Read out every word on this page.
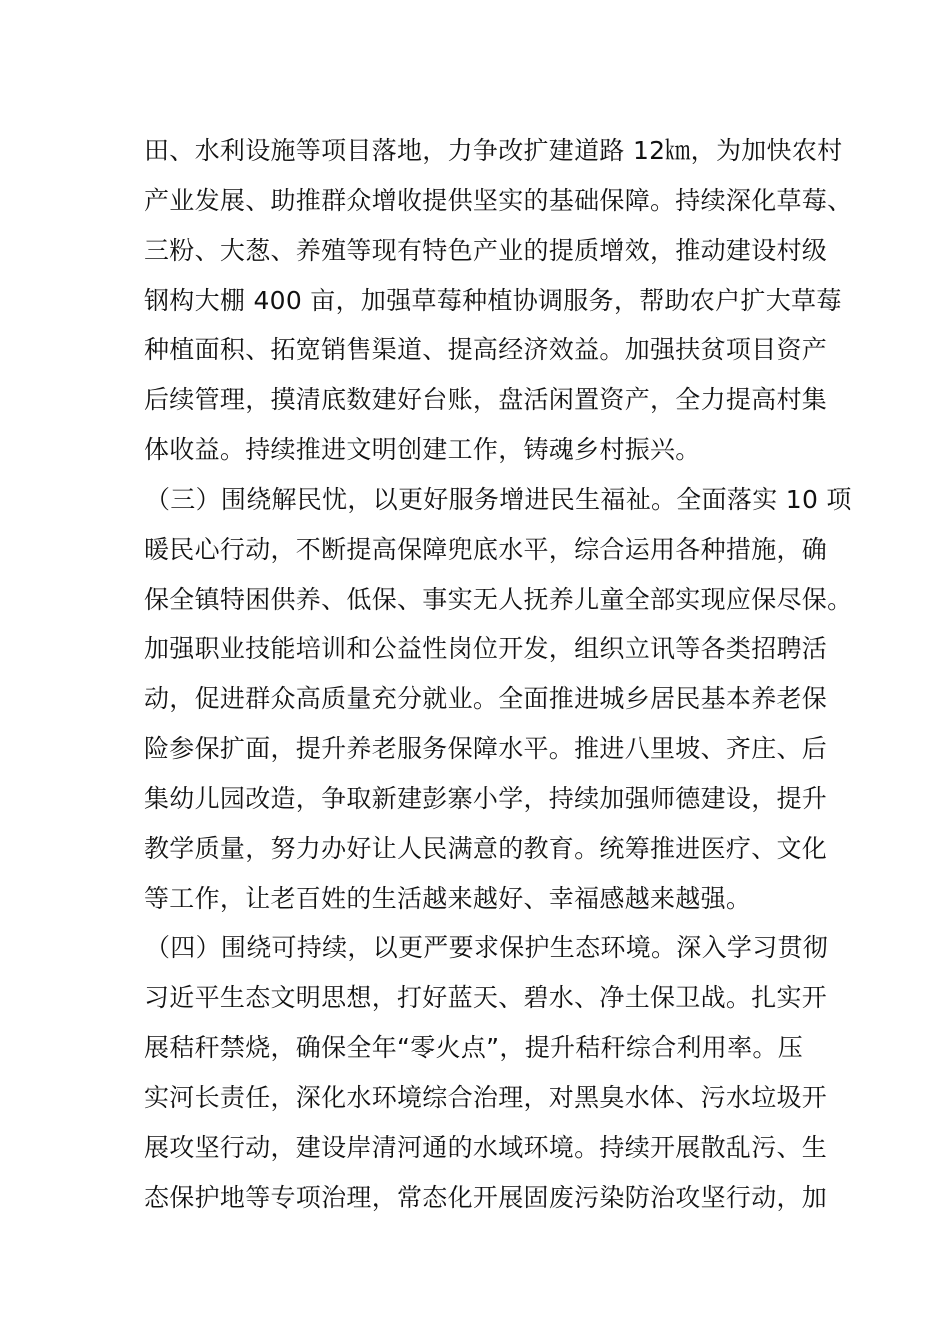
田、水利设施等项目落地，力争改扩建道路 12㎞，为加快农村
产业发展、助推群众增收提供坚实的基础保障。持续深化草莓、
三粉、大葱、养殖等现有特色产业的提质增效，推动建设村级
钢构大棚 400 亩，加强草莓种植协调服务，帮助农户扩大草莓
种植面积、拓宽销售渠道、提高经济效益。加强扶贫项目资产
后续管理，摸清底数建好台账，盘活闲置资产，全力提高村集
体收益。持续推进文明创建工作，铸魂乡村振兴。
（三）围绕解民忧，以更好服务增进民生福祉。全面落实 10 项
暖民心行动，不断提高保障兜底水平，综合运用各种措施，确
保全镇特困供养、低保、事实无人抚养儿童全部实现应保尽保。
加强职业技能培训和公益性岗位开发，组织立讯等各类招聘活
动，促进群众高质量充分就业。全面推进城乡居民基本养老保
险参保扩面，提升养老服务保障水平。推进八里坡、齐庄、后
集幼儿园改造，争取新建彭寨小学，持续加强师德建设，提升
教学质量，努力办好让人民满意的教育。统筹推进医疗、文化
等工作，让老百姓的生活越来越好、幸福感越来越强。
（四）围绕可持续，以更严要求保护生态环境。深入学习贯彻
习近平生态文明思想，打好蓝天、碧水、净土保卫战。扎实开
展秸秆禁烧，确保全年“零火点”，提升秸秆综合利用率。压
实河长责任，深化水环境综合治理，对黑臭水体、污水垃圾开
展攻坚行动，建设岸清河通的水域环境。持续开展散乱污、生
态保护地等专项治理，常态化开展固废污染防治攻坚行动，加
